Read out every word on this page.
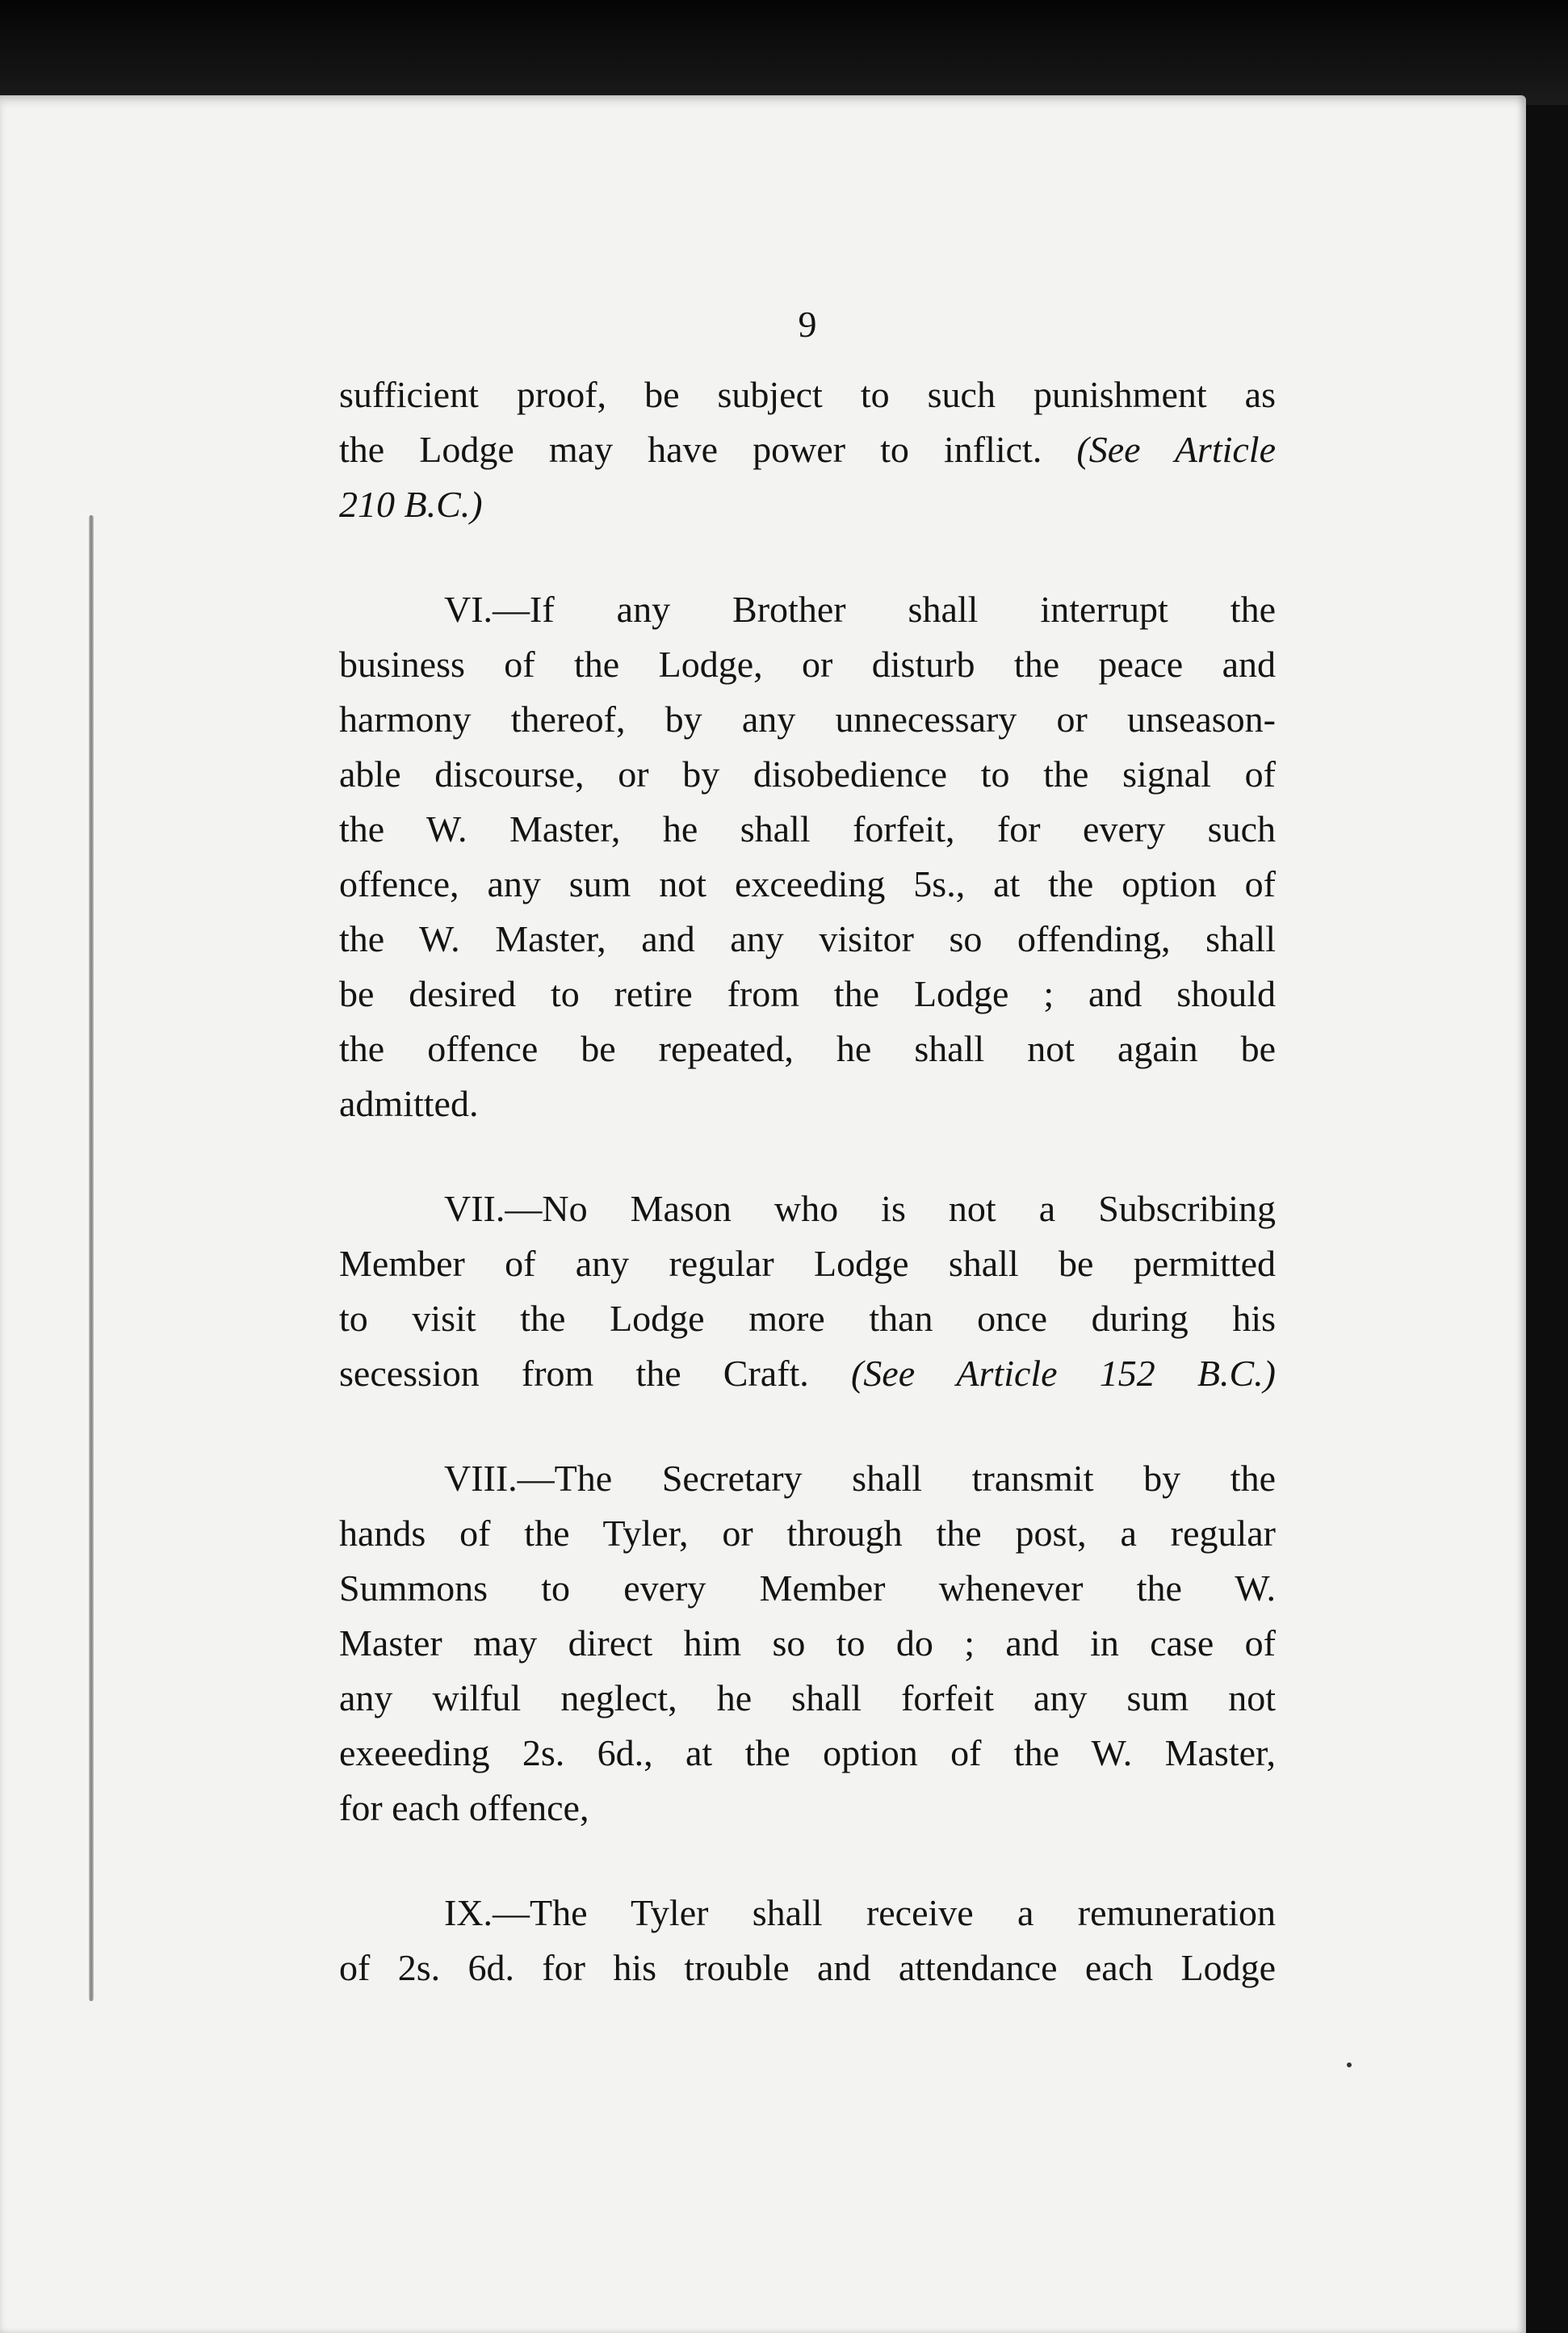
9
sufficient proof, be subject to such punishment as
the Lodge may have power to inflict. (See Article
210 B.C.)
VI.—If any Brother shall interrupt the
business of the Lodge, or disturb the peace and
harmony thereof, by any unnecessary or unseason-
able discourse, or by disobedience to the signal of
the W. Master, he shall forfeit, for every such
offence, any sum not exceeding 5s., at the option of
the W. Master, and any visitor so offending, shall
be desired to retire from the Lodge ; and should
the offence be repeated, he shall not again be
admitted.
VII.—No Mason who is not a Subscribing
Member of any regular Lodge shall be permitted
to visit the Lodge more than once during his
secession from the Craft. (See Article 152 B.C.)
VIII.—The Secretary shall transmit by the
hands of the Tyler, or through the post, a regular
Summons to every Member whenever the W.
Master may direct him so to do ; and in case of
any wilful neglect, he shall forfeit any sum not
exeeeding 2s. 6d., at the option of the W. Master,
for each offence,
IX.—The Tyler shall receive a remuneration
of 2s. 6d. for his trouble and attendance each Lodge
